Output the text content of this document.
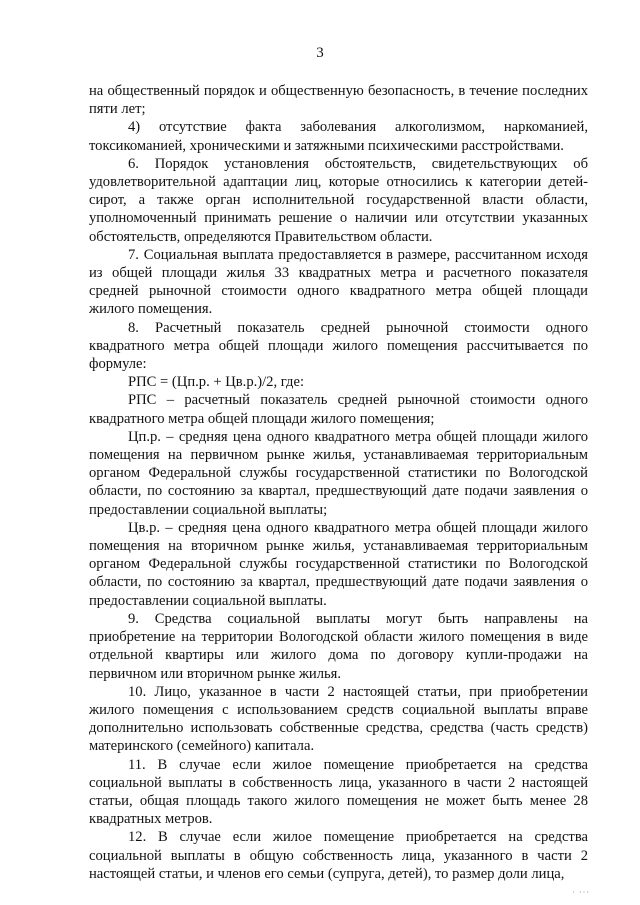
3

на общественный порядок и общественную безопасность, в течение последних пяти лет;

4) отсутствие факта заболевания алкоголизмом, наркоманией, токсикоманией, хроническими и затяжными психическими расстройствами.

6. Порядок установления обстоятельств, свидетельствующих об удовлетворительной адаптации лиц, которые относились к категории детей-сирот, а также орган исполнительной государственной власти области, уполномоченный принимать решение о наличии или отсутствии указанных обстоятельств, определяются Правительством области.

7. Социальная выплата предоставляется в размере, рассчитанном исходя из общей площади жилья 33 квадратных метра и расчетного показателя средней рыночной стоимости одного квадратного метра общей площади жилого помещения.

8. Расчетный показатель средней рыночной стоимости одного квадратного метра общей площади жилого помещения рассчитывается по формуле:

РПС = (Цп.р. + Цв.р.)/2, где:

РПС – расчетный показатель средней рыночной стоимости одного квадратного метра общей площади жилого помещения;

Цп.р. – средняя цена одного квадратного метра общей площади жилого помещения на первичном рынке жилья, устанавливаемая территориальным органом Федеральной службы государственной статистики по Вологодской области, по состоянию за квартал, предшествующий дате подачи заявления о предоставлении социальной выплаты;

Цв.р. – средняя цена одного квадратного метра общей площади жилого помещения на вторичном рынке жилья, устанавливаемая территориальным органом Федеральной службы государственной статистики по Вологодской области, по состоянию за квартал, предшествующий дате подачи заявления о предоставлении социальной выплаты.

9. Средства социальной выплаты могут быть направлены на приобретение на территории Вологодской области жилого помещения в виде отдельной квартиры или жилого дома по договору купли-продажи на первичном или вторичном рынке жилья.

10. Лицо, указанное в части 2 настоящей статьи, при приобретении жилого помещения с использованием средств социальной выплаты вправе дополнительно использовать собственные средства, средства (часть средств) материнского (семейного) капитала.

11. В случае если жилое помещение приобретается на средства социальной выплаты в собственность лица, указанного в части 2 настоящей статьи, общая площадь такого жилого помещения не может быть менее 28 квадратных метров.

12. В случае если жилое помещение приобретается на средства социальной выплаты в общую собственность лица, указанного в части 2 настоящей статьи, и членов его семьи (супруга, детей), то размер доли лица,

· ···
